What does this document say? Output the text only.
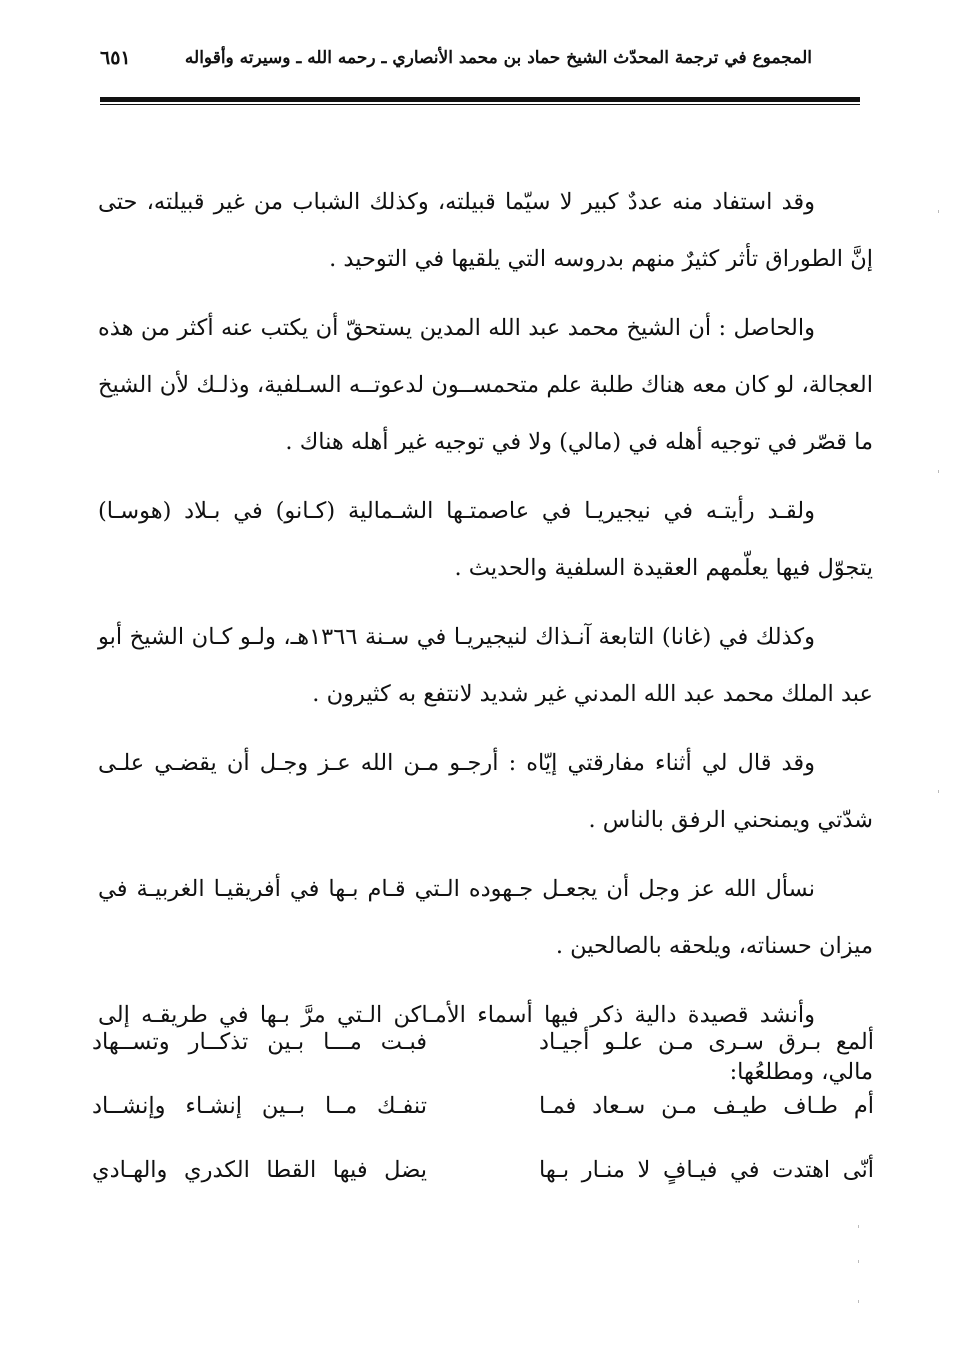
المجموع في ترجمة المحدّث الشيخ حماد بن محمد الأنصاري ـ رحمه الله ـ وسيرته وأقواله
٦٥١

وقد استفاد منه عددٌ كبير لا سيّما قبيلته، وكذلك الشباب من غير قبيلته، حتى إنَّ الطوراق تأثر كثيرٌ منهم بدروسه التي يلقيها في التوحيد .

والحاصل : أن الشيخ محمد عبد الله المدين يستحقّ أن يكتب عنه أكثر من هذه العجالة، لو كان معه هناك طلبة علم متحمســون لدعوتــه السـلفية، وذلـك لأن الشيخ ما قصّر في توجيه أهله في (مالي) ولا في توجيه غير أهله هناك .

ولقـد رأيتـه في نيجيريـا في عاصمتـها الشـمالية (كـانو) في بـلاد (هوسـا) يتجوّل فيها يعلّمهم العقيدة السلفية والحديث .

وكذلك في (غانا) التابعة آنـذاك لنيجيريـا في سـنة ١٣٦٦هـ، ولـو كـان الشيخ أبو عبد الملك محمد عبد الله المدني غير شديد لانتفع به كثيرون .

وقد قال لي أثناء مفارقتي إيّاه : أرجـو مـن الله عـز وجـل أن يقضـي علـى شدّتي ويمنحني الرفق بالناس .

نسأل الله عز وجل أن يجعـل جـهوده الـتي قـام بـها في أفريقيـا الغربيـة في ميزان حسناته، ويلحقه بالصالحين .

وأنشد قصيدة دالية ذكر فيها أسماء الأمـاكن الـتي مرَّ بـها في طريقـه إلى مالي، ومطلعُها:

ألمع بـرق سـرى مـن علـو أجيـاد
فبـت مـــا بـين تذكــار وتســهاد
أم طـاف طيـف مـن سـعاد فمـا
تنفـك مــا بــين إنشـاء وإنشــاد
أنّى اهتدت في فيـافٍ لا منـار بـها
يضل فيها القطا الكدري والهـادي
